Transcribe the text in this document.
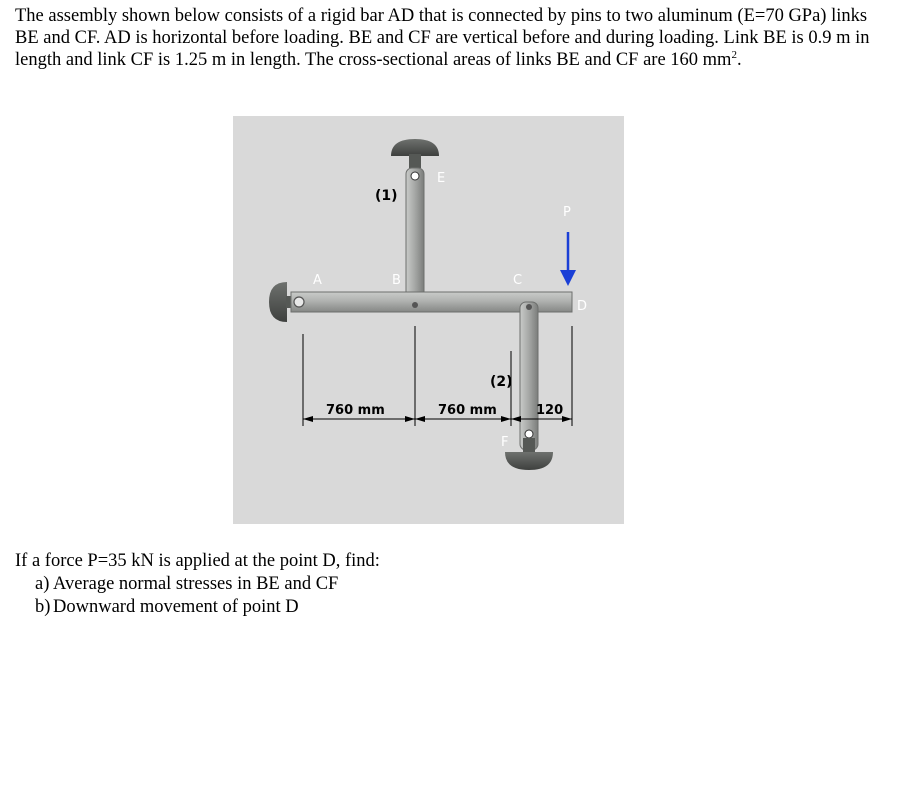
The assembly shown below consists of a rigid bar AD that is connected by pins to two aluminum (E=70 GPa) links BE and CF. AD is horizontal before loading. BE and CF are vertical before and during loading. Link BE is 0.9 m in length and link CF is 1.25 m in length. The cross-sectional areas of links BE and CF are 160 $mm^2$.
E
(1)
P
A	B	C
D
(2)
760 mm	760 mm	120
F
If a force P=35 kN is applied at the point D, find:
a) Average normal stresses in BE and CF
b) Downward movement of point D
